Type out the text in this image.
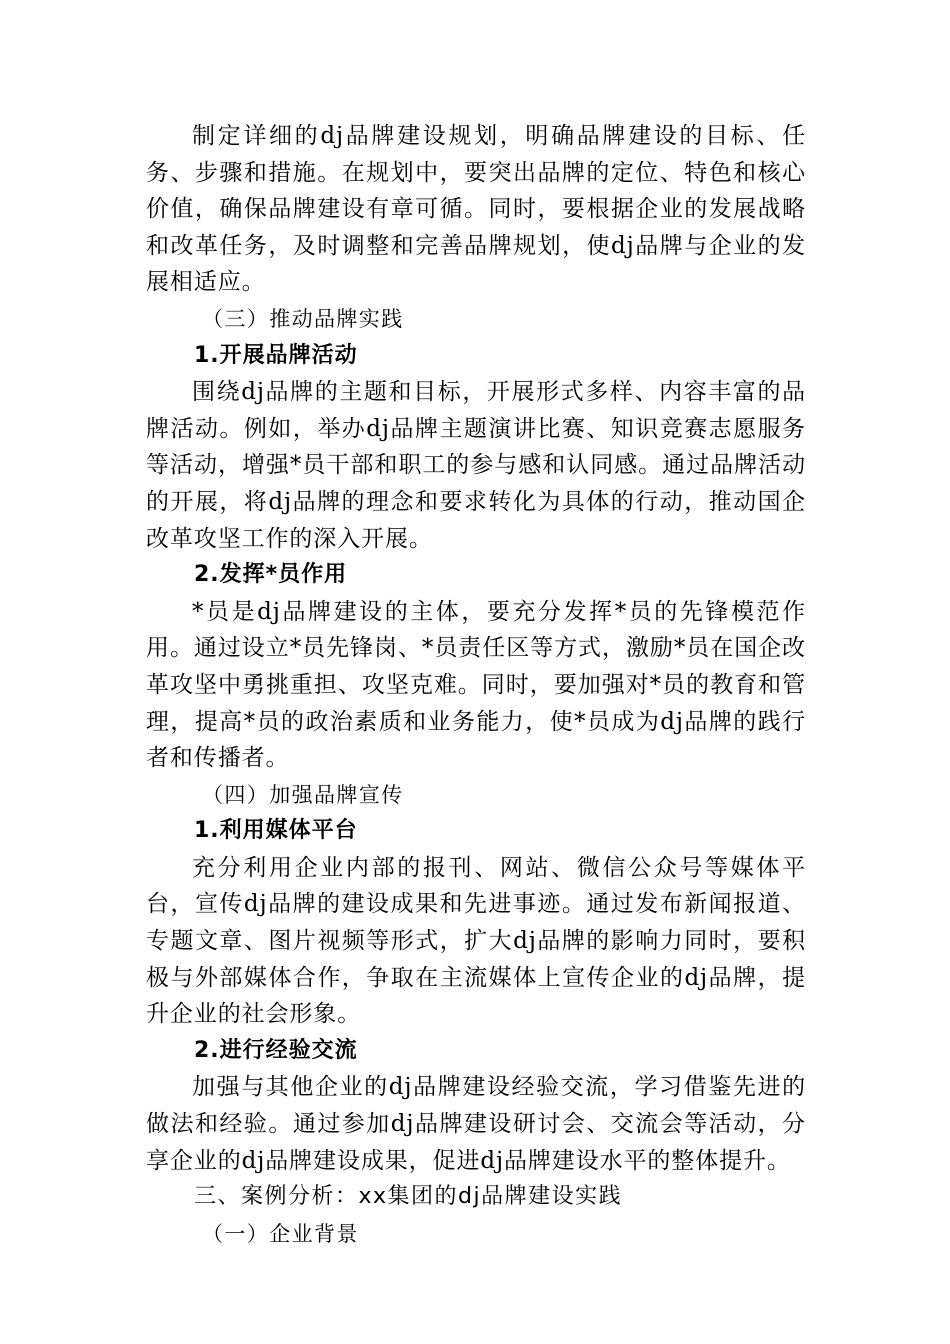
制定详细的dj品牌建设规划，明确品牌建设的目标、任务、步骤和措施。在规划中，要突出品牌的定位、特色和核心价值，确保品牌建设有章可循。同时，要根据企业的发展战略和改革任务，及时调整和完善品牌规划，使dj品牌与企业的发展相适应。

（三）推动品牌实践

1.开展品牌活动

围绕dj品牌的主题和目标，开展形式多样、内容丰富的品牌活动。例如，举办dj品牌主题演讲比赛、知识竞赛志愿服务等活动，增强*员干部和职工的参与感和认同感。通过品牌活动的开展，将dj品牌的理念和要求转化为具体的行动，推动国企改革攻坚工作的深入开展。

2.发挥*员作用

*员是dj品牌建设的主体，要充分发挥*员的先锋模范作用。通过设立*员先锋岗、*员责任区等方式，激励*员在国企改革攻坚中勇挑重担、攻坚克难。同时，要加强对*员的教育和管理，提高*员的政治素质和业务能力，使*员成为dj品牌的践行者和传播者。

（四）加强品牌宣传

1.利用媒体平台

充分利用企业内部的报刊、网站、微信公众号等媒体平台，宣传dj品牌的建设成果和先进事迹。通过发布新闻报道、专题文章、图片视频等形式，扩大dj品牌的影响力同时，要积极与外部媒体合作，争取在主流媒体上宣传企业的dj品牌，提升企业的社会形象。

2.进行经验交流

加强与其他企业的dj品牌建设经验交流，学习借鉴先进的做法和经验。通过参加dj品牌建设研讨会、交流会等活动，分享企业的dj品牌建设成果，促进dj品牌建设水平的整体提升。

三、案例分析：xx集团的dj品牌建设实践

（一）企业背景
